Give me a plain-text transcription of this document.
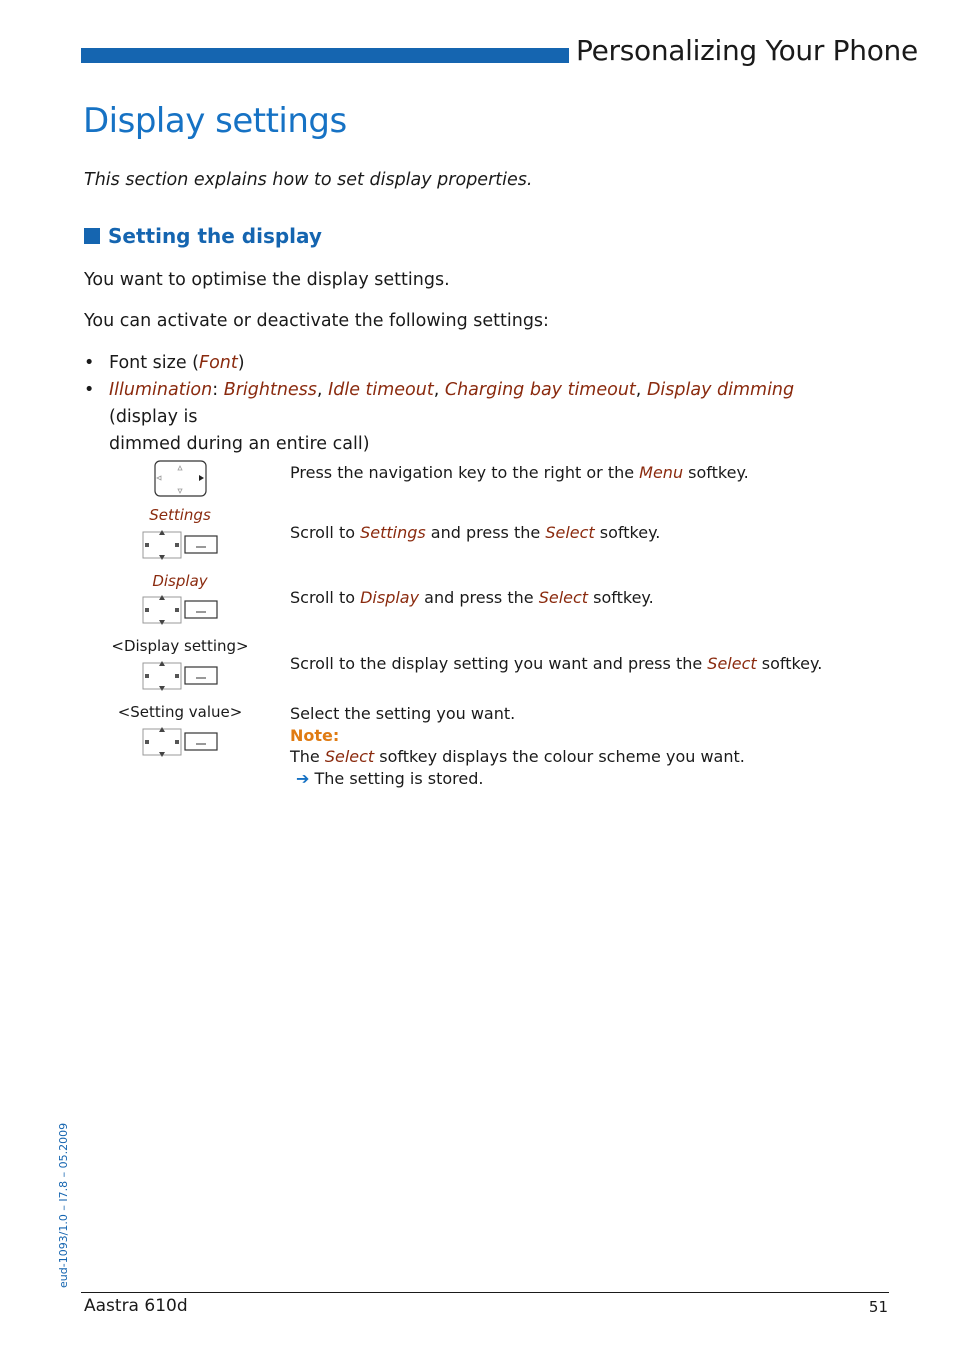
Personalizing Your Phone
Display settings
This section explains how to set display properties.
Setting the display
You want to optimise the display settings.
You can activate or deactivate the following settings:
• Font size (Font)
• Illumination: Brightness, Idle timeout, Charging bay timeout, Display dimming (display is
dimmed during an entire call)
Settings
Display
<Display setting>
<Setting value>
Press the navigation key to the right or the Menu softkey.
Scroll to Settings and press the Select softkey.
Scroll to Display and press the Select softkey.
Scroll to the display setting you want and press the Select softkey.
Select the setting you want.
Note:
The Select softkey displays the colour scheme you want.
➔ The setting is stored.
eud-1093/1.0 – I7.8 – 05.2009
Aastra 610d	51
